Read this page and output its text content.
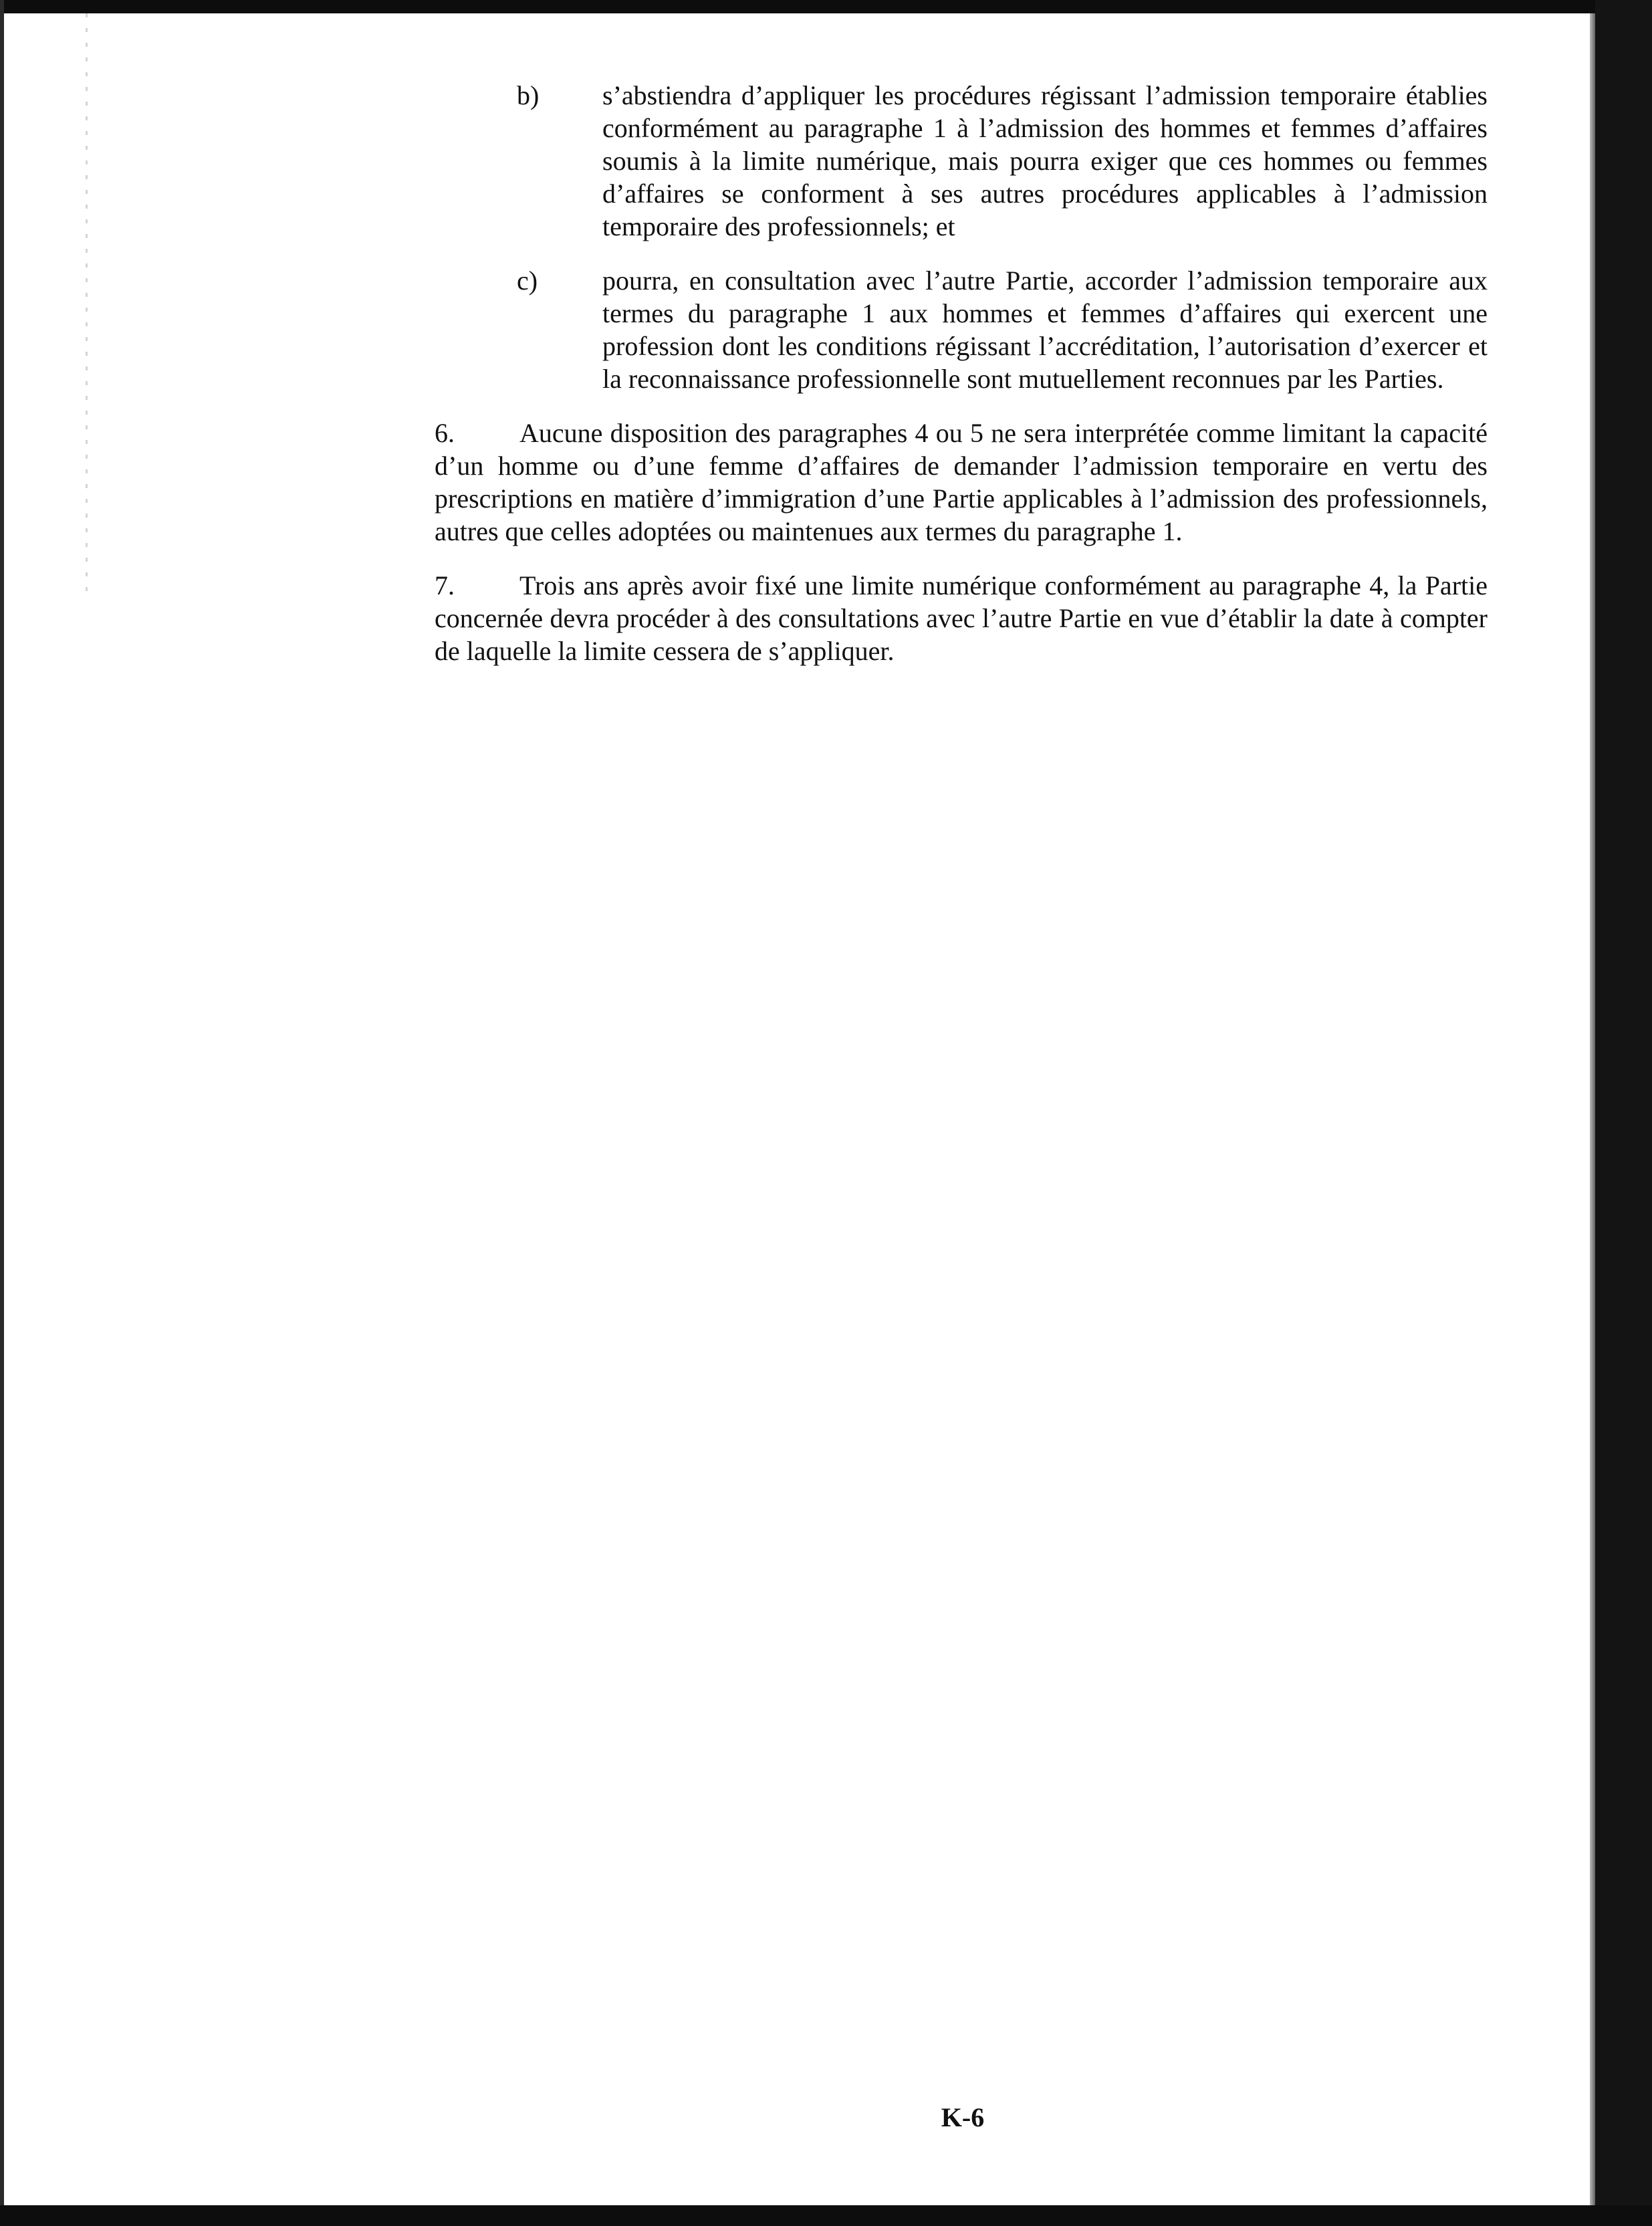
b)	s’abstiendra d’appliquer les procédures régissant l’admission temporaire établies conformément au paragraphe 1 à l’admission des hommes et femmes d’affaires soumis à la limite numérique, mais pourra exiger que ces hommes ou femmes d’affaires se conforment à ses autres procédures applicables à l’admission temporaire des professionnels; et
c)	pourra, en consultation avec l’autre Partie, accorder l’admission temporaire aux termes du paragraphe 1 aux hommes et femmes d’affaires qui exercent une profession dont les conditions régissant l’accréditation, l’autorisation d’exercer et la reconnaissance professionnelle sont mutuellement reconnues par les Parties.
6. Aucune disposition des paragraphes 4 ou 5 ne sera interprétée comme limitant la capacité d’un homme ou d’une femme d’affaires de demander l’admission temporaire en vertu des prescriptions en matière d’immigration d’une Partie applicables à l’admission des professionnels, autres que celles adoptées ou maintenues aux termes du paragraphe 1.
7. Trois ans après avoir fixé une limite numérique conformément au paragraphe 4, la Partie concernée devra procéder à des consultations avec l’autre Partie en vue d’établir la date à compter de laquelle la limite cessera de s’appliquer.
K-6
